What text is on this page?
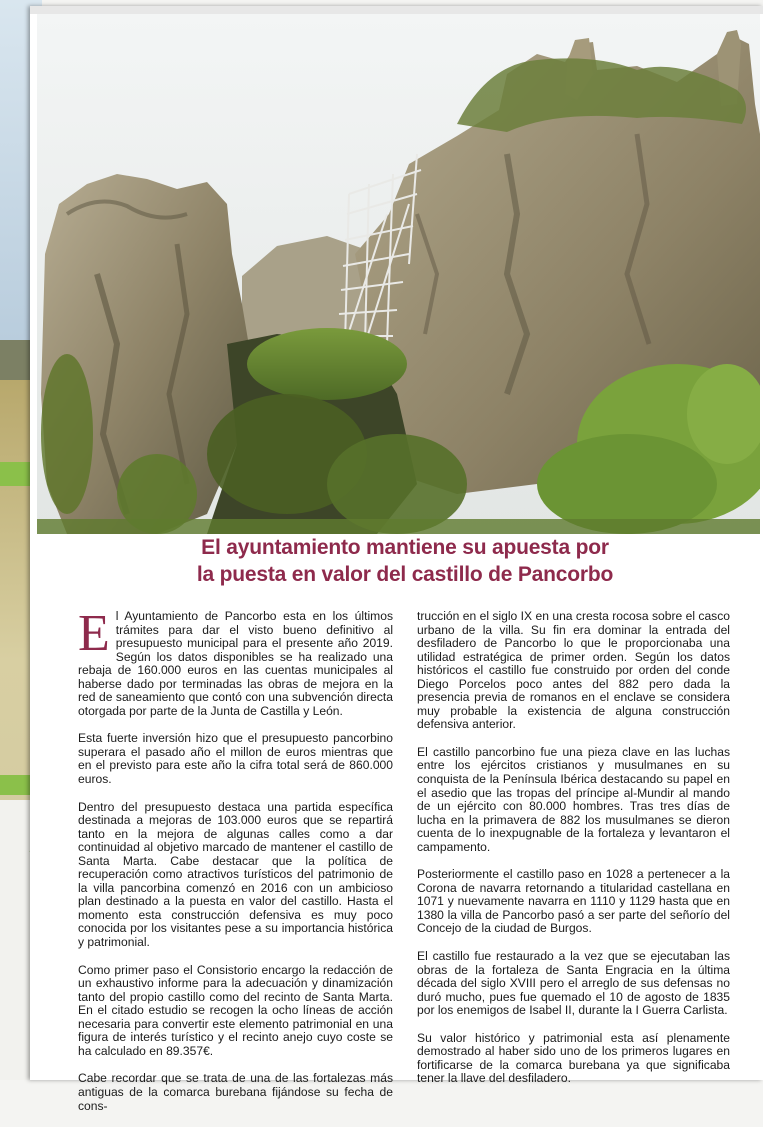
El ayuntamiento mantiene su apuesta por
la puesta en valor del castillo de Pancorbo

El Ayuntamiento de Pancorbo esta en los últimos trámites para dar el visto bueno definitivo al presupuesto municipal para el presente año 2019. Según los datos disponibles se ha realizado una rebaja de 160.000 euros en las cuentas municipales al haberse dado por terminadas las obras de mejora en la red de saneamiento que contó con una subvención directa otorgada por parte de la Junta de Castilla y León.

Esta fuerte inversión hizo que el presupuesto pancorbino superara el pasado año el millon de euros mientras que en el previsto para este año la cifra total será de 860.000 euros.

Dentro del presupuesto destaca una partida específica destinada a mejoras de 103.000 euros que se repartirá tanto en la mejora de algunas calles como a dar continuidad al objetivo marcado de mantener el castillo de Santa Marta. Cabe destacar que la política de recuperación como atractivos turísticos del patrimonio de la villa pancorbina comenzó en 2016 con un ambicioso plan destinado a la puesta en valor del castillo. Hasta el momento esta construcción defensiva es muy poco conocida por los visitantes pese a su importancia histórica y patrimonial.

Como primer paso el Consistorio encargo la redacción de un exhaustivo informe para la adecuación y dinamización tanto del propio castillo como del recinto de Santa Marta. En el citado estudio se recogen la ocho líneas de acción necesaria para convertir este elemento patrimonial en una figura de interés turístico y el recinto anejo cuyo coste se ha calculado en 89.357€.

Cabe recordar que se trata de una de las fortalezas más antiguas de la comarca burebana fijándose su fecha de cons-

trucción en el siglo IX en una cresta rocosa sobre el casco urbano de la villa. Su fin era dominar la entrada del desfiladero de Pancorbo lo que le proporcionaba una utilidad estratégica de primer orden. Según los datos históricos el castillo fue construido por orden del conde Diego Porcelos poco antes del 882 pero dada la presencia previa de romanos en el enclave se considera muy probable la existencia de alguna construcción defensiva anterior.

El castillo pancorbino fue una pieza clave en las luchas entre los ejércitos cristianos y musulmanes en su conquista de la Península Ibérica destacando su papel en el asedio que las tropas del príncipe al-Mundir al mando de un ejército con 80.000 hombres. Tras tres días de lucha en la primavera de 882 los musulmanes se dieron cuenta de lo inexpugnable de la fortaleza y levantaron el campamento.

Posteriormente el castillo paso en 1028 a pertenecer a la Corona de navarra retornando a titularidad castellana en 1071 y nuevamente navarra en 1110 y 1129 hasta que en 1380 la villa de Pancorbo pasó a ser parte del señorío del Concejo de la ciudad de Burgos.

El castillo fue restaurado a la vez que se ejecutaban las obras de la fortaleza de Santa Engracia en la última década del siglo XVIII pero el arreglo de sus defensas no duró mucho, pues fue quemado el 10 de agosto de 1835 por los enemigos de Isabel II, durante la I Guerra Carlista.

Su valor histórico y patrimonial esta así plenamente demostrado al haber sido uno de los primeros lugares en fortificarse de la comarca burebana ya que significaba tener la llave del desfiladero.
